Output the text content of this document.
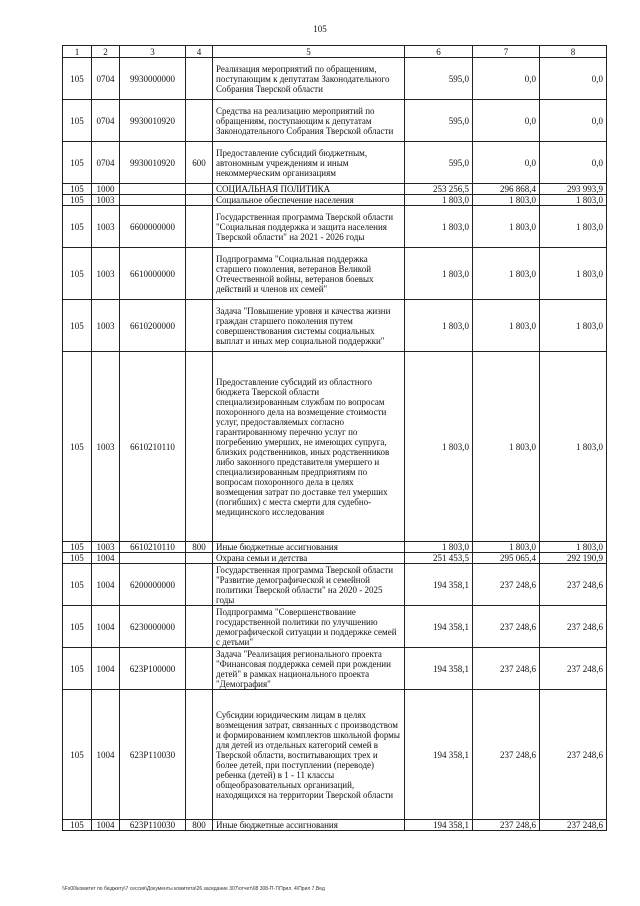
105
1	2	3	4	5	6	7	8
105	0704	9930000000		Реализация мероприятий по обращениям, поступающим к депутатам Законодательного Собрания Тверской области	595,0	0,0	0,0
105	0704	9930010920		Средства на реализацию мероприятий по обращениям, поступающим к депутатам Законодательного Собрания Тверской области	595,0	0,0	0,0
105	0704	9930010920	600	Предоставление субсидий бюджетным, автономным учреждениям и иным некоммерческим организациям	595,0	0,0	0,0
105	1000			СОЦИАЛЬНАЯ ПОЛИТИКА	253 256,5	296 868,4	293 993,9
105	1003			Социальное обеспечение населения	1 803,0	1 803,0	1 803,0
105	1003	6600000000		Государственная программа Тверской области "Социальная поддержка и защита населения Тверской области" на 2021 - 2026 годы	1 803,0	1 803,0	1 803,0
105	1003	6610000000		Подпрограмма "Социальная поддержка старшего поколения, ветеранов Великой Отечественной войны, ветеранов боевых действий и членов их семей"	1 803,0	1 803,0	1 803,0
105	1003	6610200000		Задача "Повышение уровня и качества жизни граждан старшего поколения путем совершенствования системы социальных выплат и иных мер социальной поддержки"	1 803,0	1 803,0	1 803,0
105	1003	6610210110		Предоставление субсидий из областного бюджета Тверской области специализированным службам по вопросам похоронного дела на возмещение стоимости услуг, предоставляемых согласно гарантированному перечню услуг по погребению умерших, не имеющих супруга, близких родственников, иных родственников либо законного представителя умершего и специализированным предприятиям по вопросам похоронного дела в целях возмещения затрат по доставке тел умерших (погибших) с места смерти для судебно-медицинского исследования	1 803,0	1 803,0	1 803,0
105	1003	6610210110	800	Иные бюджетные ассигнования	1 803,0	1 803,0	1 803,0
105	1004			Охрана семьи и детства	251 453,5	295 065,4	292 190,9
105	1004	6200000000		Государственная программа Тверской области "Развитие демографической и семейной политики Тверской области" на 2020 - 2025 годы	194 358,1	237 248,6	237 248,6
105	1004	6230000000		Подпрограмма "Совершенствование государственной политики по улучшению демографической ситуации и поддержке семей с детьми"	194 358,1	237 248,6	237 248,6
105	1004	623P100000		Задача "Реализация регионального проекта "Финансовая поддержка семей при рождении детей" в рамках национального проекта "Демография"	194 358,1	237 248,6	237 248,6
105	1004	623P110030		Субсидии юридическим лицам в целях возмещения затрат, связанных с производством и формированием комплектов школьной формы для детей из отдельных категорий семей в Тверской области, воспитывающих трех и более детей, при поступлении (переводе) ребенка (детей) в 1 - 11 классы общеобразовательных организаций, находящихся на территории Тверской области	194 358,1	237 248,6	237 248,6
105	1004	623P110030	800	Иные бюджетные ассигнования	194 358,1	237 248,6	237 248,6
\\Fs00\комитет по бюджету\7 сессия\Документы комитета\26 заседание 307\отчет\08 308-П-7\Прил. 4\Прил 7.Вед
